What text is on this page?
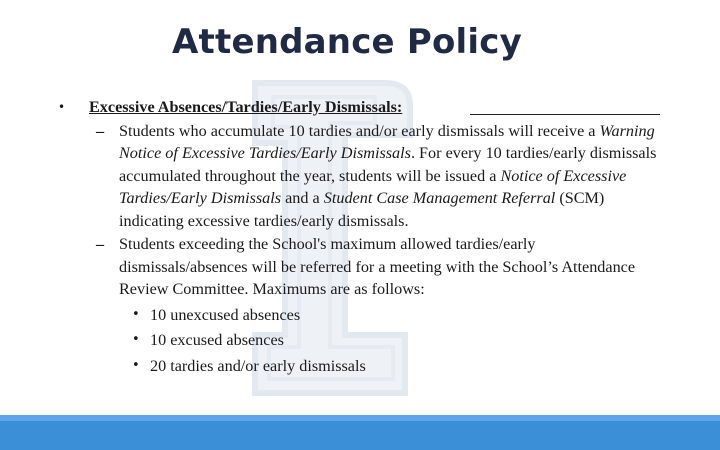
Attendance Policy
• Excessive Absences/Tardies/Early Dismissals:
– Students who accumulate 10 tardies and/or early dismissals will receive a Warning Notice of Excessive Tardies/Early Dismissals. For every 10 tardies/early dismissals accumulated throughout the year, students will be issued a Notice of Excessive Tardies/Early Dismissals and a Student Case Management Referral (SCM) indicating excessive tardies/early dismissals.
– Students exceeding the School's maximum allowed tardies/early dismissals/absences will be referred for a meeting with the School’s Attendance Review Committee. Maximums are as follows:
• 10 unexcused absences
• 10 excused absences
• 20 tardies and/or early dismissals
